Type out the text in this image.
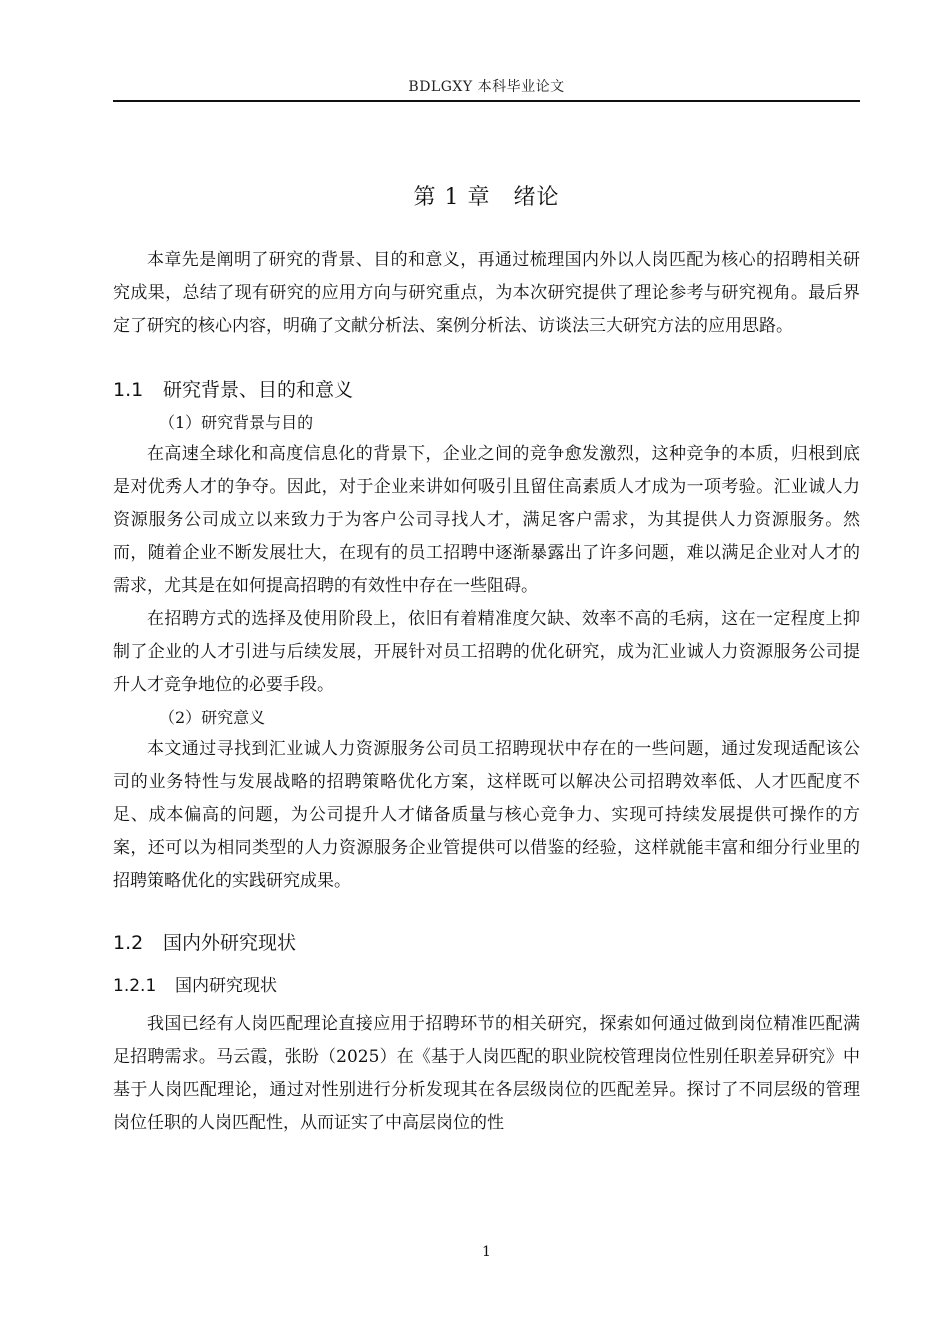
BDLGXY 本科毕业论文
第 1 章　绪论

本章先是阐明了研究的背景、目的和意义，再通过梳理国内外以人岗匹配为核心的招聘相关研究成果，总结了现有研究的应用方向与研究重点，为本次研究提供了理论参考与研究视角。最后界定了研究的核心内容，明确了文献分析法、案例分析法、访谈法三大研究方法的应用思路。

1.1 研究背景、目的和意义

（1）研究背景与目的

在高速全球化和高度信息化的背景下，企业之间的竞争愈发激烈，这种竞争的本质，归根到底是对优秀人才的争夺。因此，对于企业来讲如何吸引且留住高素质人才成为一项考验。汇业诚人力资源服务公司成立以来致力于为客户公司寻找人才，满足客户需求，为其提供人力资源服务。然而，随着企业不断发展壮大，在现有的员工招聘中逐渐暴露出了许多问题，难以满足企业对人才的需求，尤其是在如何提高招聘的有效性中存在一些阻碍。

在招聘方式的选择及使用阶段上，依旧有着精准度欠缺、效率不高的毛病，这在一定程度上抑制了企业的人才引进与后续发展，开展针对员工招聘的优化研究，成为汇业诚人力资源服务公司提升人才竞争地位的必要手段。

（2）研究意义

本文通过寻找到汇业诚人力资源服务公司员工招聘现状中存在的一些问题，通过发现适配该公司的业务特性与发展战略的招聘策略优化方案，这样既可以解决公司招聘效率低、人才匹配度不足、成本偏高的问题，为公司提升人才储备质量与核心竞争力、实现可持续发展提供可操作的方案，还可以为相同类型的人力资源服务企业管提供可以借鉴的经验，这样就能丰富和细分行业里的招聘策略优化的实践研究成果。

1.2 国内外研究现状
1.2.1 国内研究现状

我国已经有人岗匹配理论直接应用于招聘环节的相关研究，探索如何通过做到岗位精准匹配满足招聘需求。马云霞，张盼（2025）在《基于人岗匹配的职业院校管理岗位性别任职差异研究》中基于人岗匹配理论，通过对性别进行分析发现其在各层级岗位的匹配差异。探讨了不同层级的管理岗位任职的人岗匹配性，从而证实了中高层岗位的性

1
